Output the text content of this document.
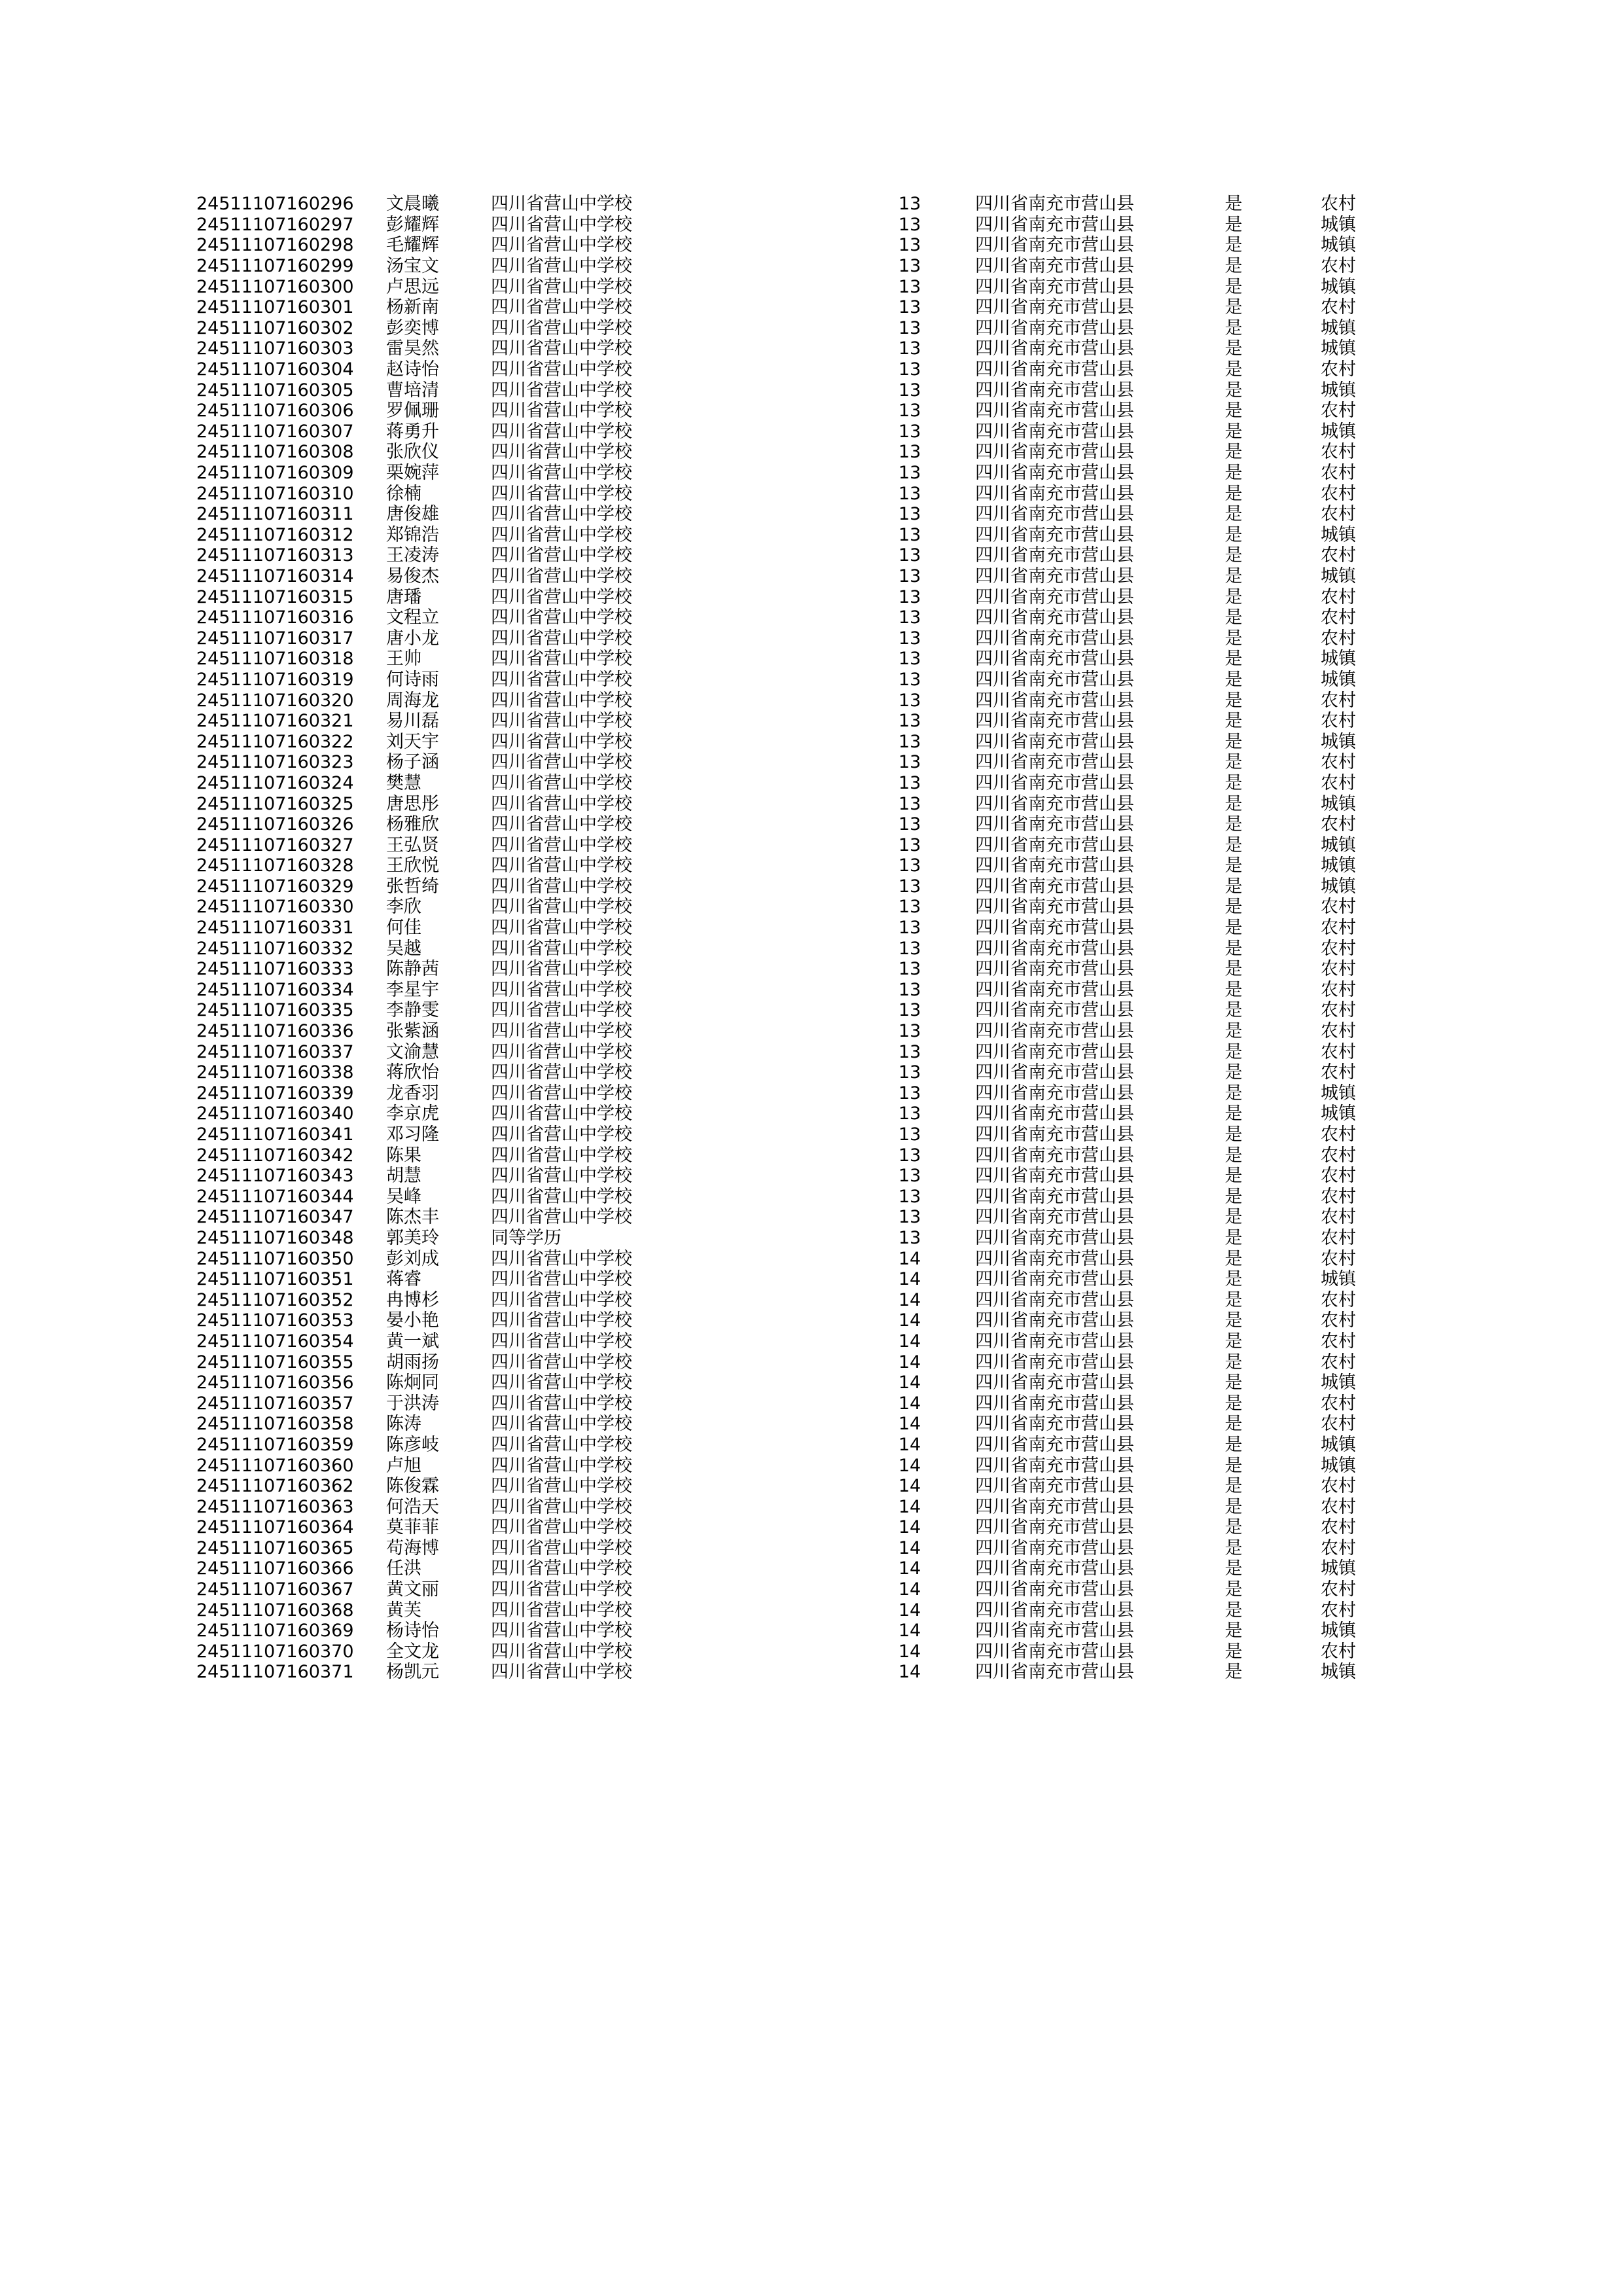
24511107160296	文晨曦	四川省营山中学校	13	四川省南充市营山县	是	农村
24511107160297	彭耀辉	四川省营山中学校	13	四川省南充市营山县	是	城镇
24511107160298	毛耀辉	四川省营山中学校	13	四川省南充市营山县	是	城镇
24511107160299	汤宝文	四川省营山中学校	13	四川省南充市营山县	是	农村
24511107160300	卢思远	四川省营山中学校	13	四川省南充市营山县	是	城镇
24511107160301	杨新南	四川省营山中学校	13	四川省南充市营山县	是	农村
24511107160302	彭奕博	四川省营山中学校	13	四川省南充市营山县	是	城镇
24511107160303	雷昊然	四川省营山中学校	13	四川省南充市营山县	是	城镇
24511107160304	赵诗怡	四川省营山中学校	13	四川省南充市营山县	是	农村
24511107160305	曹培清	四川省营山中学校	13	四川省南充市营山县	是	城镇
24511107160306	罗佩珊	四川省营山中学校	13	四川省南充市营山县	是	农村
24511107160307	蒋勇升	四川省营山中学校	13	四川省南充市营山县	是	城镇
24511107160308	张欣仪	四川省营山中学校	13	四川省南充市营山县	是	农村
24511107160309	栗婉萍	四川省营山中学校	13	四川省南充市营山县	是	农村
24511107160310	徐楠	四川省营山中学校	13	四川省南充市营山县	是	农村
24511107160311	唐俊雄	四川省营山中学校	13	四川省南充市营山县	是	农村
24511107160312	郑锦浩	四川省营山中学校	13	四川省南充市营山县	是	城镇
24511107160313	王凌涛	四川省营山中学校	13	四川省南充市营山县	是	农村
24511107160314	易俊杰	四川省营山中学校	13	四川省南充市营山县	是	城镇
24511107160315	唐璠	四川省营山中学校	13	四川省南充市营山县	是	农村
24511107160316	文程立	四川省营山中学校	13	四川省南充市营山县	是	农村
24511107160317	唐小龙	四川省营山中学校	13	四川省南充市营山县	是	农村
24511107160318	王帅	四川省营山中学校	13	四川省南充市营山县	是	城镇
24511107160319	何诗雨	四川省营山中学校	13	四川省南充市营山县	是	城镇
24511107160320	周海龙	四川省营山中学校	13	四川省南充市营山县	是	农村
24511107160321	易川磊	四川省营山中学校	13	四川省南充市营山县	是	农村
24511107160322	刘天宇	四川省营山中学校	13	四川省南充市营山县	是	城镇
24511107160323	杨子涵	四川省营山中学校	13	四川省南充市营山县	是	农村
24511107160324	樊慧	四川省营山中学校	13	四川省南充市营山县	是	农村
24511107160325	唐思彤	四川省营山中学校	13	四川省南充市营山县	是	城镇
24511107160326	杨雅欣	四川省营山中学校	13	四川省南充市营山县	是	农村
24511107160327	王弘贤	四川省营山中学校	13	四川省南充市营山县	是	城镇
24511107160328	王欣悦	四川省营山中学校	13	四川省南充市营山县	是	城镇
24511107160329	张哲绮	四川省营山中学校	13	四川省南充市营山县	是	城镇
24511107160330	李欣	四川省营山中学校	13	四川省南充市营山县	是	农村
24511107160331	何佳	四川省营山中学校	13	四川省南充市营山县	是	农村
24511107160332	吴越	四川省营山中学校	13	四川省南充市营山县	是	农村
24511107160333	陈静茜	四川省营山中学校	13	四川省南充市营山县	是	农村
24511107160334	李星宇	四川省营山中学校	13	四川省南充市营山县	是	农村
24511107160335	李静雯	四川省营山中学校	13	四川省南充市营山县	是	农村
24511107160336	张紫涵	四川省营山中学校	13	四川省南充市营山县	是	农村
24511107160337	文渝慧	四川省营山中学校	13	四川省南充市营山县	是	农村
24511107160338	蒋欣怡	四川省营山中学校	13	四川省南充市营山县	是	农村
24511107160339	龙香羽	四川省营山中学校	13	四川省南充市营山县	是	城镇
24511107160340	李京虎	四川省营山中学校	13	四川省南充市营山县	是	城镇
24511107160341	邓习隆	四川省营山中学校	13	四川省南充市营山县	是	农村
24511107160342	陈果	四川省营山中学校	13	四川省南充市营山县	是	农村
24511107160343	胡慧	四川省营山中学校	13	四川省南充市营山县	是	农村
24511107160344	吴峰	四川省营山中学校	13	四川省南充市营山县	是	农村
24511107160347	陈杰丰	四川省营山中学校	13	四川省南充市营山县	是	农村
24511107160348	郭美玲	同等学历	13	四川省南充市营山县	是	农村
24511107160350	彭刘成	四川省营山中学校	14	四川省南充市营山县	是	农村
24511107160351	蒋睿	四川省营山中学校	14	四川省南充市营山县	是	城镇
24511107160352	冉博杉	四川省营山中学校	14	四川省南充市营山县	是	农村
24511107160353	晏小艳	四川省营山中学校	14	四川省南充市营山县	是	农村
24511107160354	黄一斌	四川省营山中学校	14	四川省南充市营山县	是	农村
24511107160355	胡雨扬	四川省营山中学校	14	四川省南充市营山县	是	农村
24511107160356	陈炯同	四川省营山中学校	14	四川省南充市营山县	是	城镇
24511107160357	于洪涛	四川省营山中学校	14	四川省南充市营山县	是	农村
24511107160358	陈涛	四川省营山中学校	14	四川省南充市营山县	是	农村
24511107160359	陈彦岐	四川省营山中学校	14	四川省南充市营山县	是	城镇
24511107160360	卢旭	四川省营山中学校	14	四川省南充市营山县	是	城镇
24511107160362	陈俊霖	四川省营山中学校	14	四川省南充市营山县	是	农村
24511107160363	何浩天	四川省营山中学校	14	四川省南充市营山县	是	农村
24511107160364	莫菲菲	四川省营山中学校	14	四川省南充市营山县	是	农村
24511107160365	苟海博	四川省营山中学校	14	四川省南充市营山县	是	农村
24511107160366	任洪	四川省营山中学校	14	四川省南充市营山县	是	城镇
24511107160367	黄文丽	四川省营山中学校	14	四川省南充市营山县	是	农村
24511107160368	黄芙	四川省营山中学校	14	四川省南充市营山县	是	农村
24511107160369	杨诗怡	四川省营山中学校	14	四川省南充市营山县	是	城镇
24511107160370	全文龙	四川省营山中学校	14	四川省南充市营山县	是	农村
24511107160371	杨凯元	四川省营山中学校	14	四川省南充市营山县	是	城镇
